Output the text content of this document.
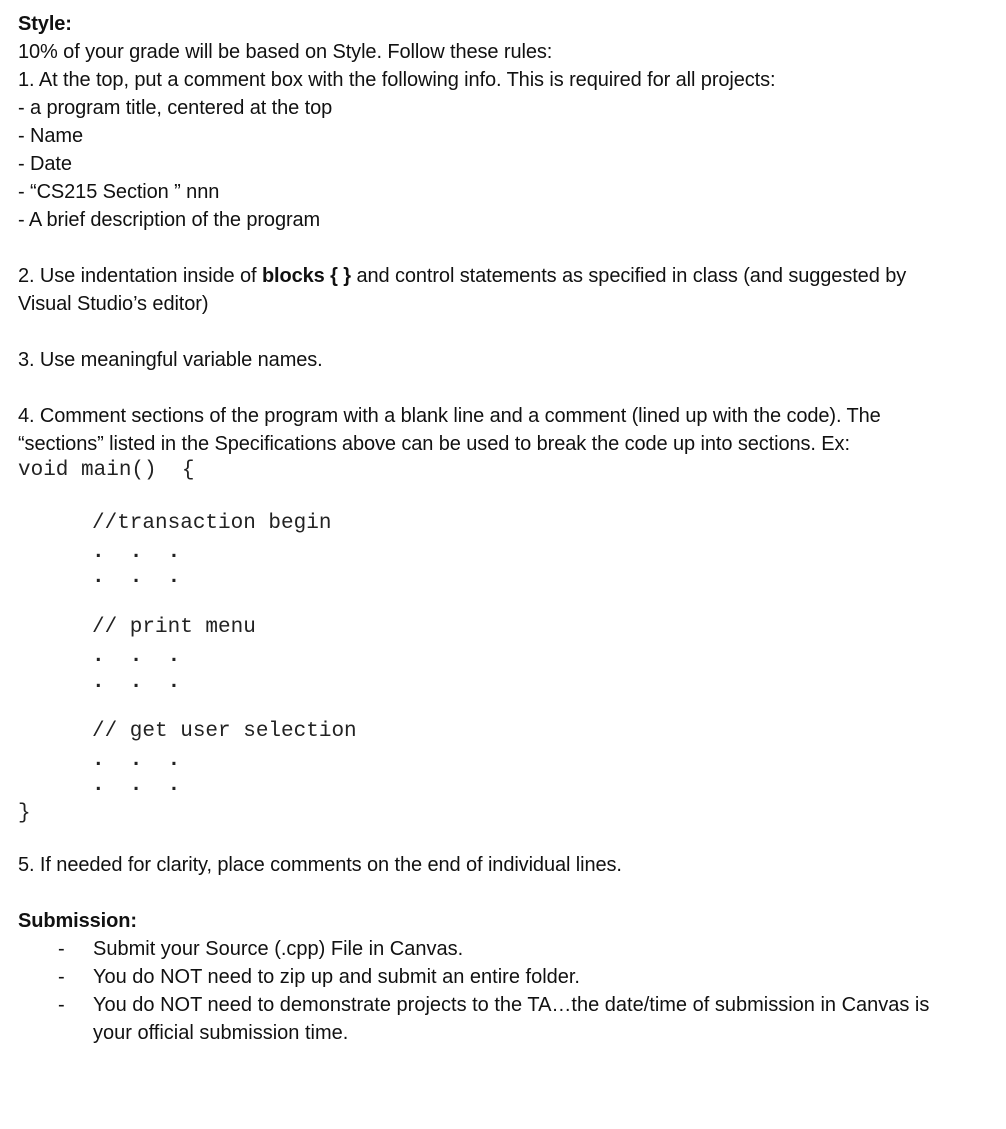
Style:
10% of your grade will be based on Style. Follow these rules:
1. At the top, put a comment box with the following info. This is required for all projects:
- a program title, centered at the top
- Name
- Date
- “CS215 Section ” nnn
- A brief description of the program
2. Use indentation inside of blocks { } and control statements as specified in class (and suggested by
Visual Studio’s editor)
3. Use meaningful variable names.
4. Comment sections of the program with a blank line and a comment (lined up with the code). The
“sections” listed in the Specifications above can be used to break the code up into sections. Ex:
void main()  {
//transaction begin
.  .  .
.  .  .
// print menu
.  .  .
.  .  .
// get user selection
.  .  .
.  .  .
}
5. If needed for clarity, place comments on the end of individual lines.
Submission:
- Submit your Source (.cpp) File in Canvas.
- You do NOT need to zip up and submit an entire folder.
- You do NOT need to demonstrate projects to the TA…the date/time of submission in Canvas is
your official submission time.
